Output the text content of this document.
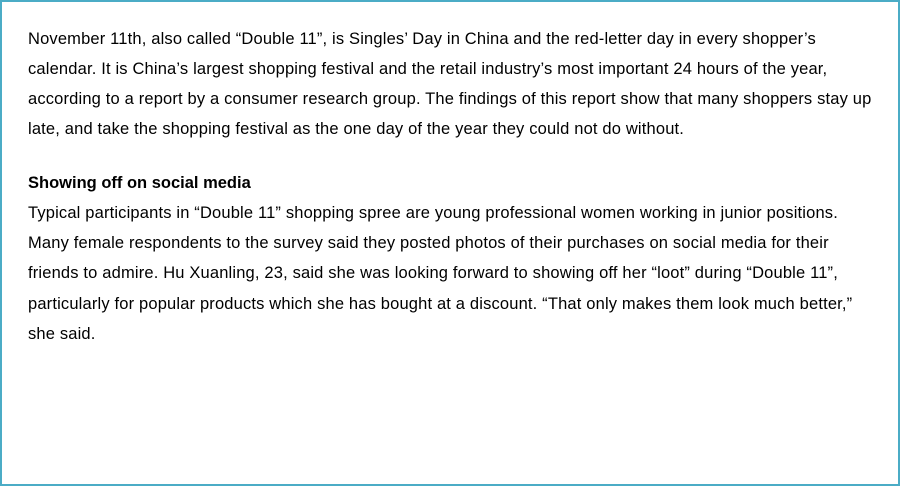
November 11th, also called “Double 11”, is Singles’ Day in China and the red-letter day in every shopper’s calendar. It is China’s largest shopping festival and the retail industry’s most important 24 hours of the year, according to a report by a consumer research group. The findings of this report show that many shoppers stay up late, and take the shopping festival as the one day of the year they could not do without.

Showing off on social media

Typical participants in “Double 11” shopping spree are young professional women working in junior positions. Many female respondents to the survey said they posted photos of their purchases on social media for their friends to admire. Hu Xuanling, 23, said she was looking forward to showing off her “loot” during “Double 11”, particularly for popular products which she has bought at a discount. “That only makes them look much better,” she said.
